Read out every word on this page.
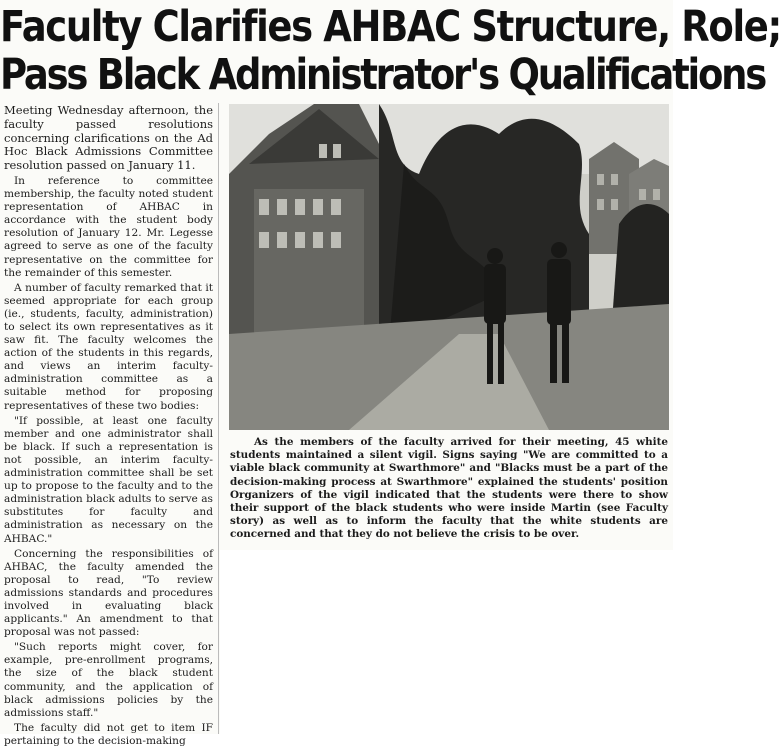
Faculty Clarifies AHBAC Structure, Role;
Pass Black Administrator's Qualifications

Meeting Wednesday afternoon, the faculty passed resolutions concerning clarifications on the Ad Hoc Black Admissions Committee resolution passed on January 11.

In reference to committee membership, the faculty noted student representation of AHBAC in accordance with the student body resolution of January 12. Mr. Legesse agreed to serve as one of the faculty representative on the committee for the remainder of this semester.

A number of faculty remarked that it seemed appropriate for each group (ie., students, faculty, administration) to select its own representatives as it saw fit. The faculty welcomes the action of the students in this regards, and views an interim faculty-administration committee as a suitable method for proposing representatives of these two bodies:

"If possible, at least one faculty member and one administrator shall be black. If such a representation is not possible, an interim faculty-administration committee shall be set up to propose to the faculty and to the administration black adults to serve as substitutes for faculty and administration as necessary on the AHBAC."

Concerning the responsibilities of AHBAC, the faculty amended the proposal to read, "To review admissions standards and procedures involved in evaluating black applicants." An amendment to that proposal was not passed:

"Such reports might cover, for example, pre-enrollment programs, the size of the black student community, and the application of black admissions policies by the admissions staff."

The faculty did not get to item IF pertaining to the decision-making

As the members of the faculty arrived for their meeting, 45 white students maintained a silent vigil. Signs saying "We are committed to a viable black community at Swarthmore" and "Blacks must be a part of the decision-making process at Swarthmore" explained the students' position Organizers of the vigil indicated that the students were there to show their support of the black students who were inside Martin (see Faculty story) as well as to inform the faculty that the white students are concerned and that they do not believe the crisis to be over.
